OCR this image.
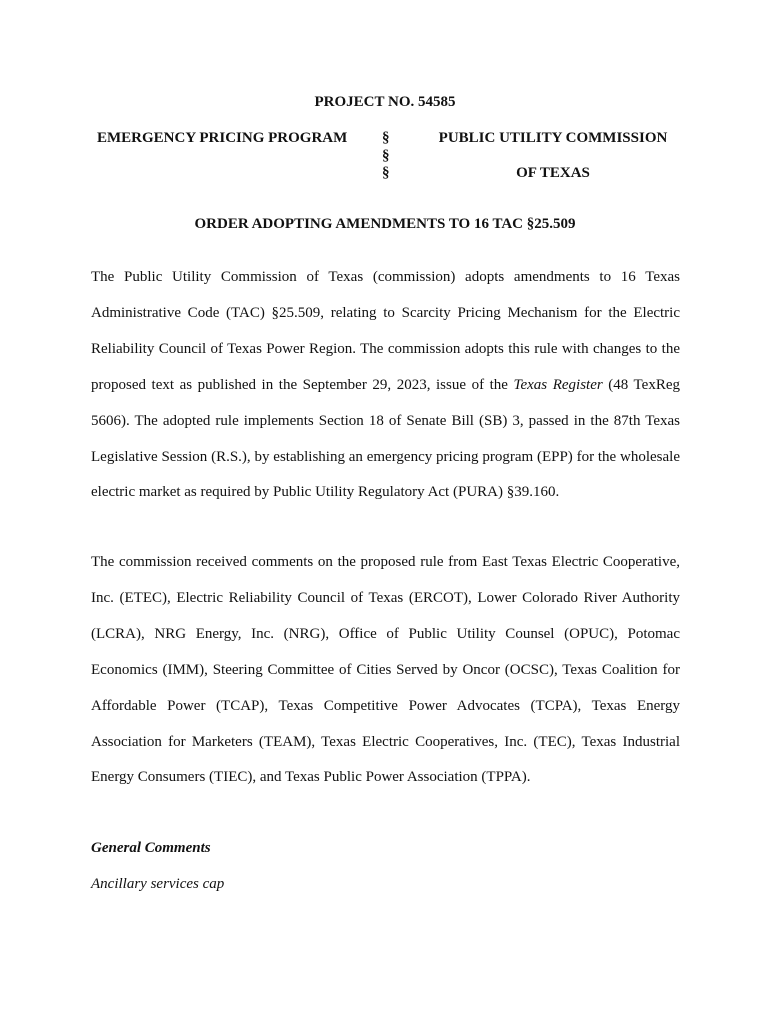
PROJECT NO. 54585
EMERGENCY PRICING PROGRAM §
§
§
PUBLIC UTILITY COMMISSION
OF TEXAS
ORDER ADOPTING AMENDMENTS TO 16 TAC §25.509
The Public Utility Commission of Texas (commission) adopts amendments to 16 Texas Administrative Code (TAC) §25.509, relating to Scarcity Pricing Mechanism for the Electric Reliability Council of Texas Power Region. The commission adopts this rule with changes to the proposed text as published in the September 29, 2023, issue of the Texas Register (48 TexReg 5606). The adopted rule implements Section 18 of Senate Bill (SB) 3, passed in the 87th Texas Legislative Session (R.S.), by establishing an emergency pricing program (EPP) for the wholesale electric market as required by Public Utility Regulatory Act (PURA) §39.160.
The commission received comments on the proposed rule from East Texas Electric Cooperative, Inc. (ETEC), Electric Reliability Council of Texas (ERCOT), Lower Colorado River Authority (LCRA), NRG Energy, Inc. (NRG), Office of Public Utility Counsel (OPUC), Potomac Economics (IMM), Steering Committee of Cities Served by Oncor (OCSC), Texas Coalition for Affordable Power (TCAP), Texas Competitive Power Advocates (TCPA), Texas Energy Association for Marketers (TEAM), Texas Electric Cooperatives, Inc. (TEC), Texas Industrial Energy Consumers (TIEC), and Texas Public Power Association (TPPA).
General Comments
Ancillary services cap
